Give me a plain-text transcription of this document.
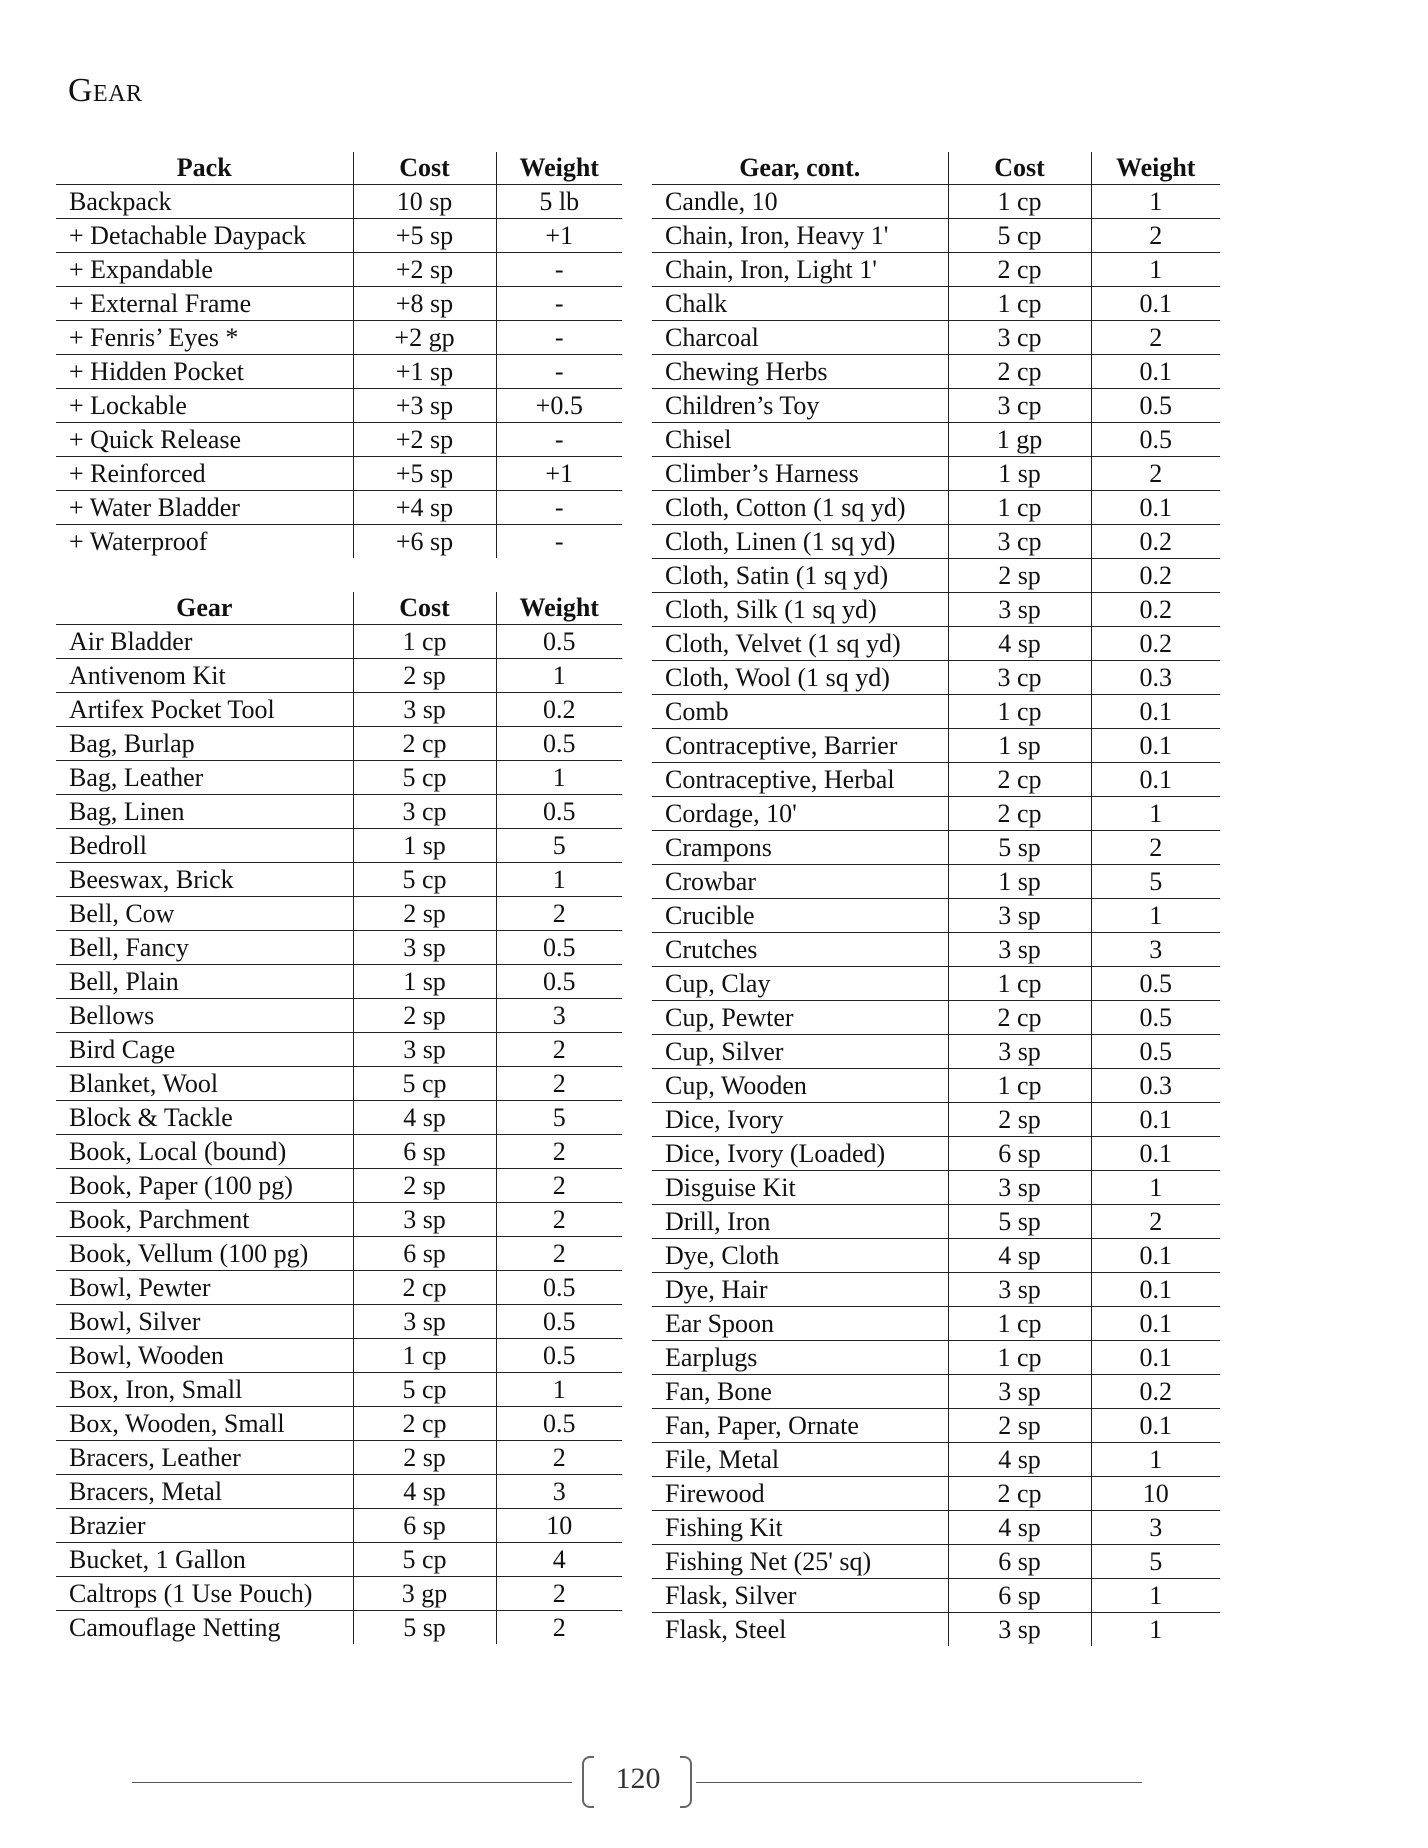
Gear
Pack	Cost	Weight
Backpack	10 sp	5 lb
+ Detachable Daypack	+5 sp	+1
+ Expandable	+2 sp	-
+ External Frame	+8 sp	-
+ Fenris’ Eyes *	+2 gp	-
+ Hidden Pocket	+1 sp	-
+ Lockable	+3 sp	+0.5
+ Quick Release	+2 sp	-
+ Reinforced	+5 sp	+1
+ Water Bladder	+4 sp	-
+ Waterproof	+6 sp	-
Gear	Cost	Weight
Air Bladder	1 cp	0.5
Antivenom Kit	2 sp	1
Artifex Pocket Tool	3 sp	0.2
Bag, Burlap	2 cp	0.5
Bag, Leather	5 cp	1
Bag, Linen	3 cp	0.5
Bedroll	1 sp	5
Beeswax, Brick	5 cp	1
Bell, Cow	2 sp	2
Bell, Fancy	3 sp	0.5
Bell, Plain	1 sp	0.5
Bellows	2 sp	3
Bird Cage	3 sp	2
Blanket, Wool	5 cp	2
Block & Tackle	4 sp	5
Book, Local (bound)	6 sp	2
Book, Paper (100 pg)	2 sp	2
Book, Parchment	3 sp	2
Book, Vellum (100 pg)	6 sp	2
Bowl, Pewter	2 cp	0.5
Bowl, Silver	3 sp	0.5
Bowl, Wooden	1 cp	0.5
Box, Iron, Small	5 cp	1
Box, Wooden, Small	2 cp	0.5
Bracers, Leather	2 sp	2
Bracers, Metal	4 sp	3
Brazier	6 sp	10
Bucket, 1 Gallon	5 cp	4
Caltrops (1 Use Pouch)	3 gp	2
Camouflage Netting	5 sp	2
Gear, cont.	Cost	Weight
Candle, 10	1 cp	1
Chain, Iron, Heavy 1'	5 cp	2
Chain, Iron, Light 1'	2 cp	1
Chalk	1 cp	0.1
Charcoal	3 cp	2
Chewing Herbs	2 cp	0.1
Children’s Toy	3 cp	0.5
Chisel	1 gp	0.5
Climber’s Harness	1 sp	2
Cloth, Cotton (1 sq yd)	1 cp	0.1
Cloth, Linen (1 sq yd)	3 cp	0.2
Cloth, Satin (1 sq yd)	2 sp	0.2
Cloth, Silk (1 sq yd)	3 sp	0.2
Cloth, Velvet (1 sq yd)	4 sp	0.2
Cloth, Wool (1 sq yd)	3 cp	0.3
Comb	1 cp	0.1
Contraceptive, Barrier	1 sp	0.1
Contraceptive, Herbal	2 cp	0.1
Cordage, 10'	2 cp	1
Crampons	5 sp	2
Crowbar	1 sp	5
Crucible	3 sp	1
Crutches	3 sp	3
Cup, Clay	1 cp	0.5
Cup, Pewter	2 cp	0.5
Cup, Silver	3 sp	0.5
Cup, Wooden	1 cp	0.3
Dice, Ivory	2 sp	0.1
Dice, Ivory (Loaded)	6 sp	0.1
Disguise Kit	3 sp	1
Drill, Iron	5 sp	2
Dye, Cloth	4 sp	0.1
Dye, Hair	3 sp	0.1
Ear Spoon	1 cp	0.1
Earplugs	1 cp	0.1
Fan, Bone	3 sp	0.2
Fan, Paper, Ornate	2 sp	0.1
File, Metal	4 sp	1
Firewood	2 cp	10
Fishing Kit	4 sp	3
Fishing Net (25' sq)	6 sp	5
Flask, Silver	6 sp	1
Flask, Steel	3 sp	1
120
